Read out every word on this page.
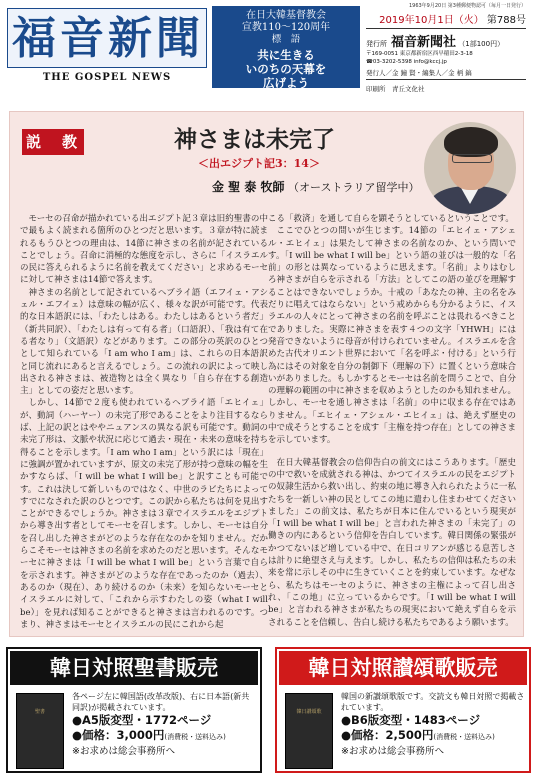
福音新聞
THE GOSPEL NEWS
在日大韓基督教会
宣教110〜120周年
標　語
共に生きる
いのちの天幕を
広げよう
1963年9月20日 第3種郵便物認可（毎月一日発行）
2019年10月1日（火） 第788号
発行所 福音新聞社 （1部100円）
〒169-0051 東京都新宿区西早稲田2-3-18
☎03-3202-5398 info@kccj.jp
発行人／金 鐘 賢・編集人／金 柄 鎬
印刷所　青丘文化社
説　教	神さまは未完了
＜出エジプト記3：14＞
金 聖 泰 牧師 （オーストラリア留学中）

モーセの召命が描かれている出エジプト記３章は旧約聖書の中で最もよく読まれる箇所のひとつだと思います。３章が特に読まれるもうひとつの理由は、14節に神さまの名前が記されていることでしょう。召命に消極的な態度を示し、さらに「イスラエルの民に答えられるように名前を教えてください」と求めるモーセに対して神さまは14節で答えます。

神さまの名前として記されているヘブライ語（エフイェ・アシェル・エフイェ）は意味の幅が広く、様々な訳が可能です。代表的な日本語訳には、「わたしはある。わたしはあるという者だ」（新共同訳）、「わたしは有って有る者」（口語訳）、「我は有て在る者なり」（文語訳）などがあります。この部分の英訳のひとつとして知られている「I am who I am」は、これらの日本語訳と同じ流れにあると言えるでしょう。この流れの訳によって映し出される神さまは、被造物とは全く異なり「自ら存在する創造主」としての姿だと思います。

しかし、14節で２度も使われているヘブライ語「エヒイェ」が、動詞（ハーヤー）の未完了形であることをより注目するならば、上記の訳とはややニュアンスの異なる訳も可能です。動詞の未完了形は、文脈や状況に応じて過去・現在・未来の意味を持ち得ることを示します。「I am who I am」という訳には「現在」に強調が置かれていますが、原文の未完了形が持つ意味の幅を生かすならば、「I will be what I will be」と訳すことも可能です。これは決して新しいものではなく、中世のラビたちによってすでになされた訳のひとつです。この訳から私たちは何を見出すことができるでしょうか。神さまは３章でイスラエルをエジプトから導き出す者としてモーセを召します。しかし、モーセは自分を召し出した神さまがどのような存在なのかを知りません。だからこそモーセは神さまの名前を求めたのだと思います。そんなモーセに神さまは「I will be what I will be」という言葉で自らを示されます。神さまがどのような存在であったのか（過去）、あるのか（現在）、あり続けるのか（未来）を知らないモーセとイスラエルに対して、「これから示すわたしの姿（what I will be）」を見れば知ることができると神さまは言われるのです。つまり、神さまはモーセとイスラエルの民にこれから起

こる「救済」を通して自らを顕そうとしているということです。

ここでひとつの問いが生じます。14節の「エヒイェ・アシェル・エヒイェ」は果たして神さまの名前なのか、という問いです。「I will be what I will be」という語の並びは一般的な「名前」の形とは異なっているように思えます。「名前」よりはむしろ神さまが自らを示される「方法」としてこの語の並びを理解することはできないでしょうか。十戒の「あなたの神、主の名をみだりに唱えてはならない」という戒めからも分かるように、イスラエルの人々にとって神さまの名前を呼ぶことは畏れるべきことでありました。実際に神さまを表す４つの文字「YHWH」には発音できないように母音が付けられていません。イスラエルを含めた古代オリエント世界において「名を呼ぶ・付ける」という行為にはその対象を自分の制御下（理解の下）に置くという意味合いがありました。もしかするとモーセは名前を問うことで、自分の理解の範囲の中に神さまを収めようとしたのかも知れません。しかし、モーセを通し神さまは「名前」の中に収まる存在ではありません。「エヒイェ・アシェル・エヒイェ」は、絶えず歴史の中で成そうとすることを成す「主権を持つ存在」としての神さまを示しています。

在日大韓基督教会の信仰告白の前文にはこうあります。「歴史の中で救いを成就される神は、かつてイスラエルの民をエジプトの奴隷生活から救い出し、約束の地に導き入れられたように一私たちを一新しい神の民としてこの地に遣わし住まわせてくださいました」この前文は、私たちが日本に住んでいるという現実が「I will be what I will be」と言われた神さまの「未完了」の働きの内にあるという信仰を告白しています。韓日関係の緊張がかつてないほど増している中で、在日コリアンが感じる息苦しさは計りに絶望さえ与えます。しかし、私たちの信仰は私たちの未来を常に示しその中に生きていくことを約束しています。なぜなら、私たちはモーセのように、神さまの主権によって召し出され、「この地」に立っているからです。「I will be what I will be」と言われる神さまが私たちの現実において絶えず自らを示されることを信頼し、告白し続ける私たちであるよう願います。

韓日対照聖書販売
聖書
各ページ左に韓国語(改革改版)、右に日本語(新共同訳)が掲載されています。
●A5版変型・1772ページ
●価格：3,000円(消費税・送料込み)
※お求めは総会事務所へ
韓日対照讃頌歌販売
韓日讃頌歌
韓国の新讃頌歌版です。交読文も韓日対照で掲載されています。
●B6版変型・1483ページ
●価格：2,500円(消費税・送料込み)
※お求めは総会事務所へ
